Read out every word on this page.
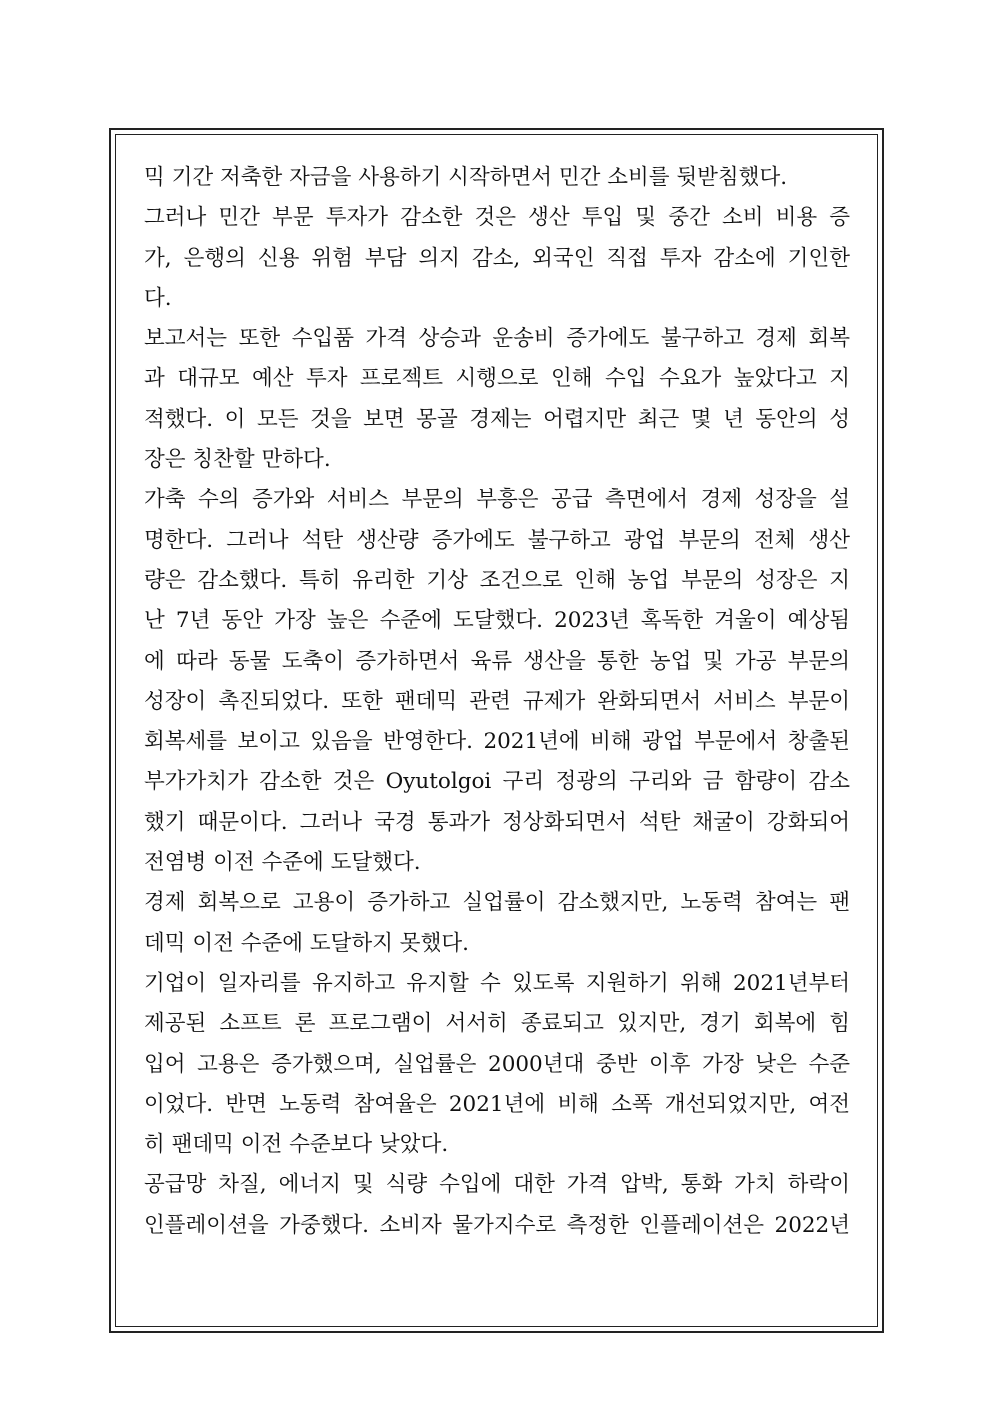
믹 기간 저축한 자금을 사용하기 시작하면서 민간 소비를 뒷받침했다.
그러나 민간 부문 투자가 감소한 것은 생산 투입 및 중간 소비 비용 증
가, 은행의 신용 위험 부담 의지 감소, 외국인 직접 투자 감소에 기인한
다.
보고서는 또한 수입품 가격 상승과 운송비 증가에도 불구하고 경제 회복
과 대규모 예산 투자 프로젝트 시행으로 인해 수입 수요가 높았다고 지
적했다. 이 모든 것을 보면 몽골 경제는 어렵지만 최근 몇 년 동안의 성
장은 칭찬할 만하다.
가축 수의 증가와 서비스 부문의 부흥은 공급 측면에서 경제 성장을 설
명한다. 그러나 석탄 생산량 증가에도 불구하고 광업 부문의 전체 생산
량은 감소했다. 특히 유리한 기상 조건으로 인해 농업 부문의 성장은 지
난 7년 동안 가장 높은 수준에 도달했다. 2023년 혹독한 겨울이 예상됨
에 따라 동물 도축이 증가하면서 육류 생산을 통한 농업 및 가공 부문의
성장이 촉진되었다. 또한 팬데믹 관련 규제가 완화되면서 서비스 부문이
회복세를 보이고 있음을 반영한다. 2021년에 비해 광업 부문에서 창출된
부가가치가 감소한 것은 Oyutolgoi 구리 정광의 구리와 금 함량이 감소
했기 때문이다. 그러나 국경 통과가 정상화되면서 석탄 채굴이 강화되어
전염병 이전 수준에 도달했다.
경제 회복으로 고용이 증가하고 실업률이 감소했지만, 노동력 참여는 팬
데믹 이전 수준에 도달하지 못했다.
기업이 일자리를 유지하고 유지할 수 있도록 지원하기 위해 2021년부터
제공된 소프트 론 프로그램이 서서히 종료되고 있지만, 경기 회복에 힘
입어 고용은 증가했으며, 실업률은 2000년대 중반 이후 가장 낮은 수준
이었다. 반면 노동력 참여율은 2021년에 비해 소폭 개선되었지만, 여전
히 팬데믹 이전 수준보다 낮았다.
공급망 차질, 에너지 및 식량 수입에 대한 가격 압박, 통화 가치 하락이
인플레이션을 가중했다. 소비자 물가지수로 측정한 인플레이션은 2022년
